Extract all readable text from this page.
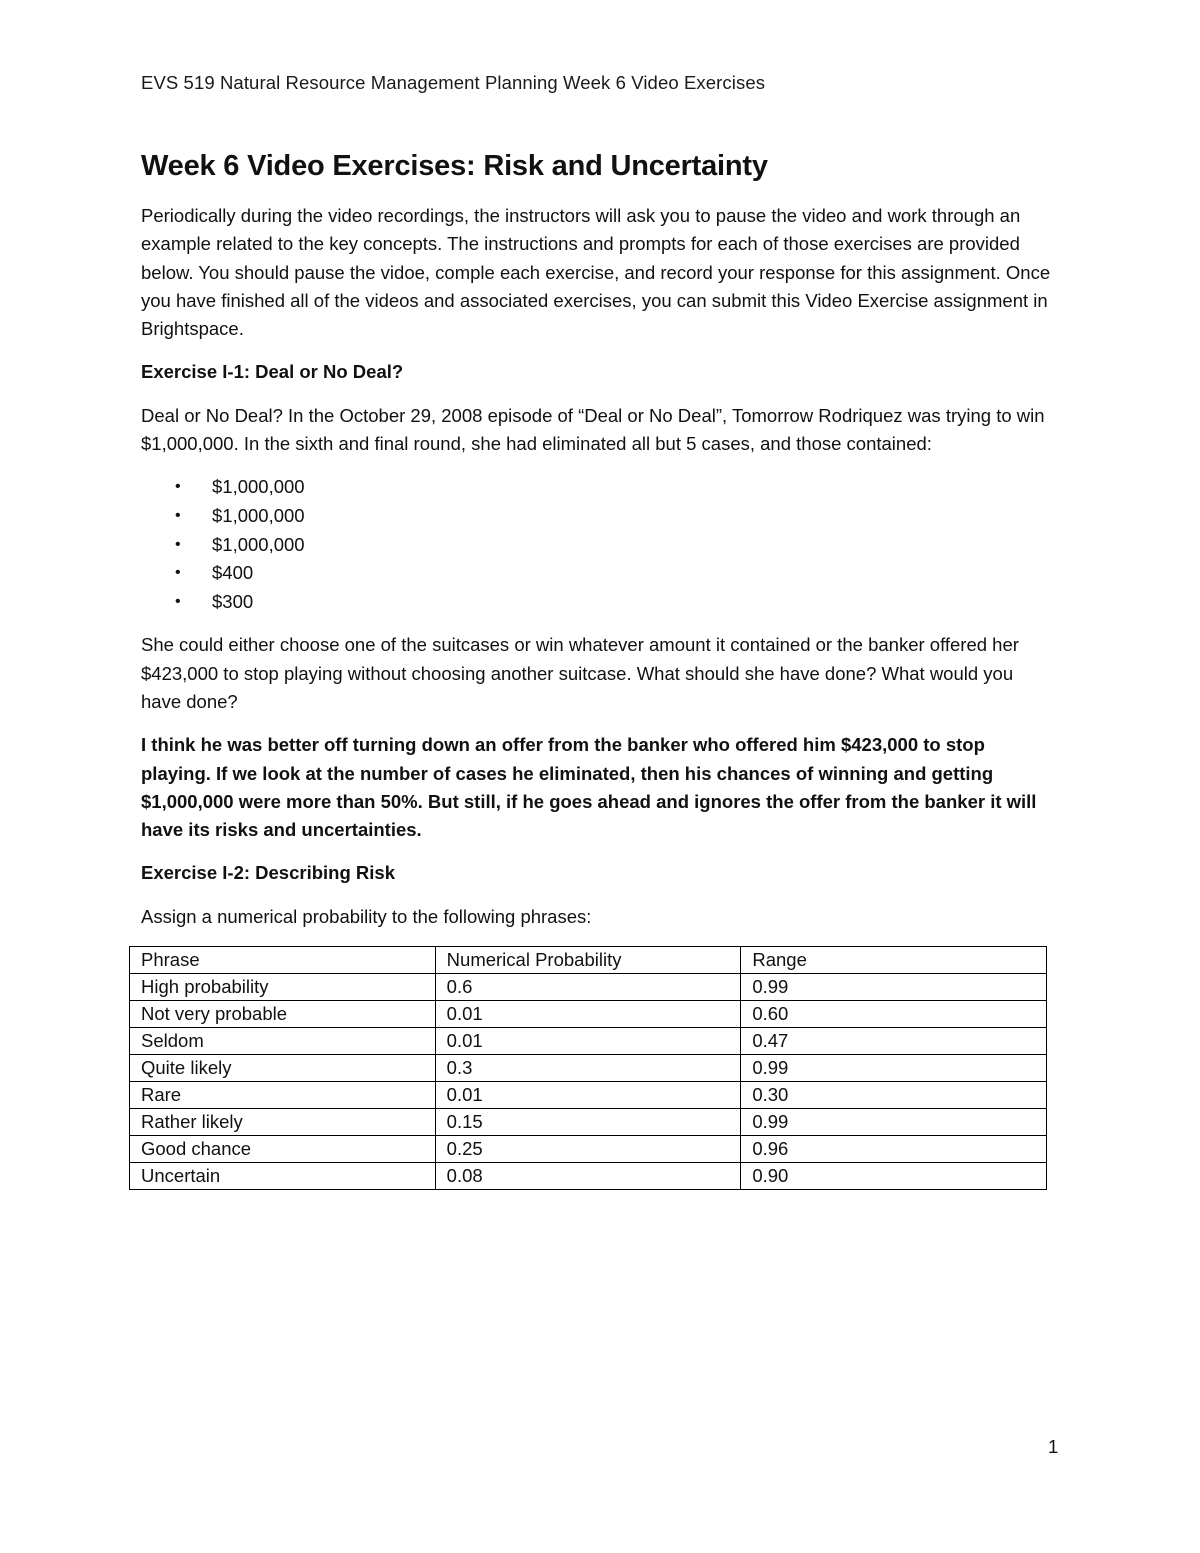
EVS 519 Natural Resource Management Planning Week 6 Video Exercises
Week 6 Video Exercises: Risk and Uncertainty

Periodically during the video recordings, the instructors will ask you to pause the video and work through an example related to the key concepts. The instructions and prompts for each of those exercises are provided below. You should pause the vidoe, comple each exercise, and record your response for this assignment. Once you have finished all of the videos and associated exercises, you can submit this Video Exercise assignment in Brightspace.

Exercise I-1: Deal or No Deal?

Deal or No Deal? In the October 29, 2008 episode of “Deal or No Deal”, Tomorrow Rodriquez was trying to win $1,000,000. In the sixth and final round, she had eliminated all but 5 cases, and those contained:

• $1,000,000
• $1,000,000
• $1,000,000
• $400
• $300

She could either choose one of the suitcases or win whatever amount it contained or the banker offered her $423,000 to stop playing without choosing another suitcase. What should she have done? What would you have done?

I think he was better off turning down an offer from the banker who offered him $423,000 to stop playing. If we look at the number of cases he eliminated, then his chances of winning and getting $1,000,000 were more than 50%. But still, if he goes ahead and ignores the offer from the banker it will have its risks and uncertainties.

Exercise I-2: Describing Risk

Assign a numerical probability to the following phrases:

Phrase	Numerical Probability	Range
High probability	0.6	0.99
Not very probable	0.01	0.60
Seldom	0.01	0.47
Quite likely	0.3	0.99
Rare	0.01	0.30
Rather likely	0.15	0.99
Good chance	0.25	0.96
Uncertain	0.08	0.90
1
